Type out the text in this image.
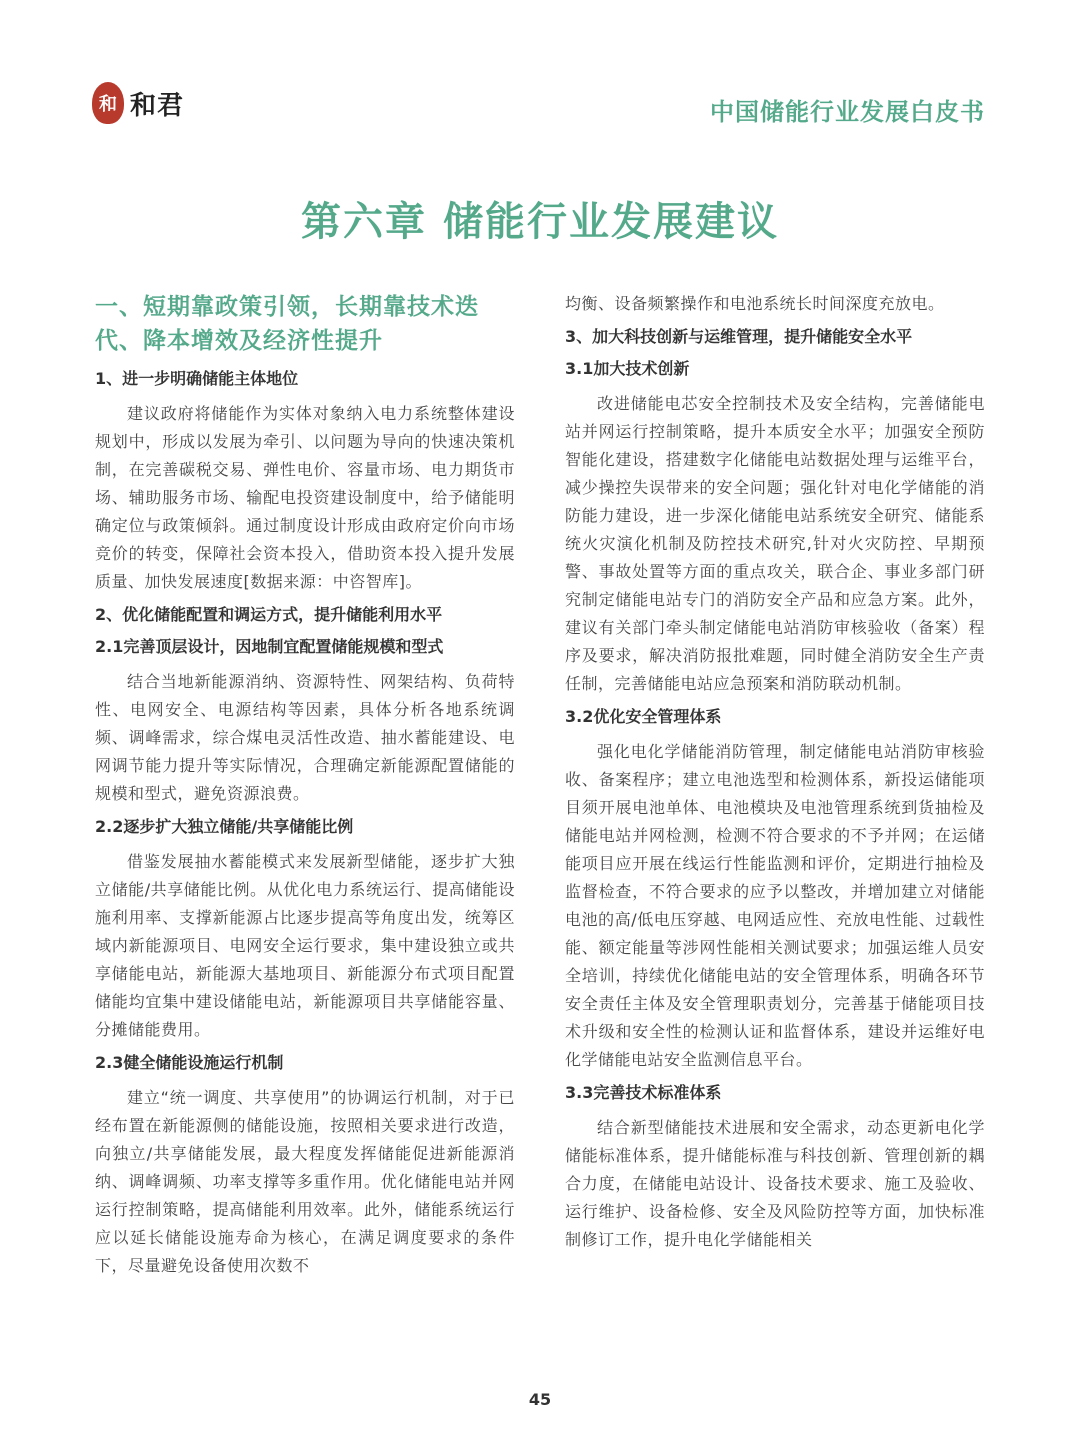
和 和君	中国储能行业发展白皮书
第六章 储能行业发展建议
一、短期靠政策引领，长期靠技术迭代、降本增效及经济性提升
1、进一步明确储能主体地位

建议政府将储能作为实体对象纳入电力系统整体建设规划中，形成以发展为牵引、以问题为导向的快速决策机制，在完善碳税交易、弹性电价、容量市场、电力期货市场、辅助服务市场、输配电投资建设制度中，给予储能明确定位与政策倾斜。通过制度设计形成由政府定价向市场竞价的转变，保障社会资本投入，借助资本投入提升发展质量、加快发展速度[数据来源：中咨智库]。

2、优化储能配置和调运方式，提升储能利用水平
2.1完善顶层设计，因地制宜配置储能规模和型式

结合当地新能源消纳、资源特性、网架结构、负荷特性、电网安全、电源结构等因素，具体分析各地系统调频、调峰需求，综合煤电灵活性改造、抽水蓄能建设、电网调节能力提升等实际情况，合理确定新能源配置储能的规模和型式，避免资源浪费。

2.2逐步扩大独立储能/共享储能比例

借鉴发展抽水蓄能模式来发展新型储能，逐步扩大独立储能/共享储能比例。从优化电力系统运行、提高储能设施利用率、支撑新能源占比逐步提高等角度出发，统筹区域内新能源项目、电网安全运行要求，集中建设独立或共享储能电站，新能源大基地项目、新能源分布式项目配置储能均宜集中建设储能电站，新能源项目共享储能容量、分摊储能费用。

2.3健全储能设施运行机制

建立“统一调度、共享使用”的协调运行机制，对于已经布置在新能源侧的储能设施，按照相关要求进行改造，向独立/共享储能发展，最大程度发挥储能促进新能源消纳、调峰调频、功率支撑等多重作用。优化储能电站并网运行控制策略，提高储能利用效率。此外，储能系统运行应以延长储能设施寿命为核心，在满足调度要求的条件下，尽量避免设备使用次数不

均衡、设备频繁操作和电池系统长时间深度充放电。

3、加大科技创新与运维管理，提升储能安全水平
3.1加大技术创新

改进储能电芯安全控制技术及安全结构，完善储能电站并网运行控制策略，提升本质安全水平；加强安全预防智能化建设，搭建数字化储能电站数据处理与运维平台，减少操控失误带来的安全问题；强化针对电化学储能的消防能力建设，进一步深化储能电站系统安全研究、储能系统火灾演化机制及防控技术研究,针对火灾防控、早期预警、事故处置等方面的重点攻关，联合企、事业多部门研究制定储能电站专门的消防安全产品和应急方案。此外，建议有关部门牵头制定储能电站消防审核验收（备案）程序及要求，解决消防报批难题，同时健全消防安全生产责任制，完善储能电站应急预案和消防联动机制。

3.2优化安全管理体系

强化电化学储能消防管理，制定储能电站消防审核验收、备案程序；建立电池选型和检测体系，新投运储能项目须开展电池单体、电池模块及电池管理系统到货抽检及储能电站并网检测，检测不符合要求的不予并网；在运储能项目应开展在线运行性能监测和评价，定期进行抽检及监督检查，不符合要求的应予以整改，并增加建立对储能电池的高/低电压穿越、电网适应性、充放电性能、过载性能、额定能量等涉网性能相关测试要求；加强运维人员安全培训，持续优化储能电站的安全管理体系，明确各环节安全责任主体及安全管理职责划分，完善基于储能项目技术升级和安全性的检测认证和监督体系，建设并运维好电化学储能电站安全监测信息平台。

3.3完善技术标准体系

结合新型储能技术进展和安全需求，动态更新电化学储能标准体系，提升储能标准与科技创新、管理创新的耦合力度，在储能电站设计、设备技术要求、施工及验收、运行维护、设备检修、安全及风险防控等方面，加快标准制修订工作，提升电化学储能相关

45
